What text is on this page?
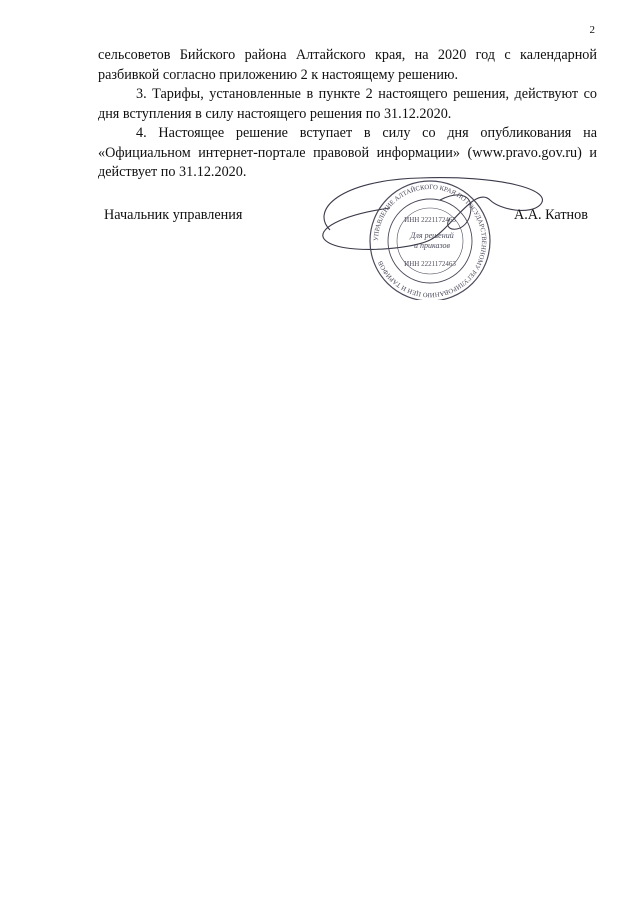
2

сельсоветов Бийского района Алтайского края, на 2020 год с календарной разбивкой согласно приложению 2 к настоящему решению.

3. Тарифы, установленные в пункте 2 настоящего решения, действуют со дня вступления в силу настоящего решения по 31.12.2020.

4. Настоящее решение вступает в силу со дня опубликования на «Официальном интернет-портале правовой информации» (www.pravo.gov.ru) и действует по 31.12.2020.

Начальник управления
УПРАВЛЕНИЕ АЛТАЙСКОГО КРАЯ ПО ГОСУДАРСТВЕННОМУ РЕГУЛИРОВАНИЮ ЦЕН И ТАРИФОВ
ИНН 2221172463
Для решений
и приказов
ИНН 2221172463
А.А. Катнов
